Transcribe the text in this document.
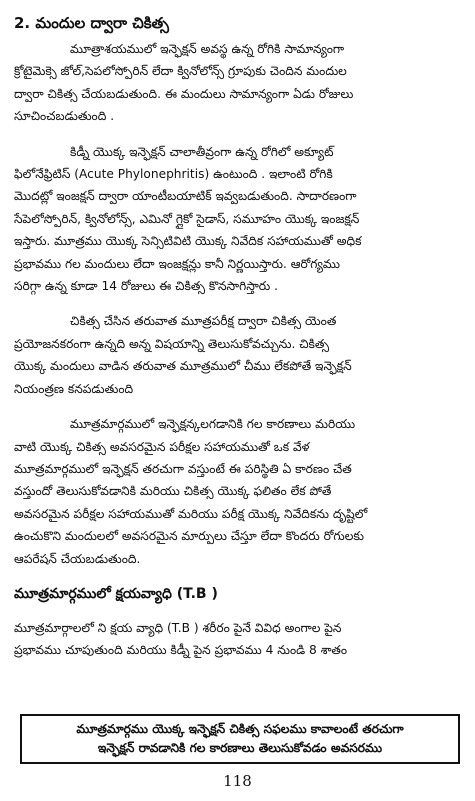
2. మందుల ద్వారా చికిత్స
మూత్రాశయములో ఇన్ఫెక్షన్ అవస్థ ఉన్న రోగికి సామాన్యంగా
క్రోటైమెక్సె జోల్,సెపలోస్పోరిన్ లేదా క్వినోలోన్స్ గ్రూపుకు చెందిన మందుల
ద్వారా చికిత్స చేయబడుతుంది. ఈ మందులు సామాన్యంగా ఏడు రోజులు
సూచించబడుతుంది .
కిడ్నీ యొక్క ఇన్ఫెక్షన్ చాలాతీవ్రంగా ఉన్న రోగిలో అక్యూట్
ఫిలోనేఫ్రిటిస్ (Acute Phylonephritis) ఉంటుంది . ఇలాంటి రోగికి
మొదట్లో ఇంజక్షన్ ద్వారా యాంటీబయాటిక్ ఇవ్వబడుతుంది. సాదారణంగా
సేపెలోస్పోరిన్, క్వినోలోన్స్, ఎమినో గ్లైకో సైడాస్, సమూహం యొక్క ఇంజక్షన్
ఇస్తారు. మూత్రము యొక్క సెన్సిటివిటి యొక్క నివేదిక సహాయముతో అధిక
ప్రభావము గల మందులు లేదా ఇంజక్షన్లు కానీ నిర్ణయిస్తారు. ఆరోగ్యము
సరిగ్గా ఉన్న కూడా 14 రోజులు ఈ చికిత్స కొనసాగిస్తారు .
చికిత్స చేసిన తరువాత మూత్రపరీక్ష ద్వారా చికిత్స యెంత
ప్రయోజనకరంగా ఉన్నది అన్న విషయాన్ని తెలుసుకోవచ్చును. చికిత్స
యొక్క మందులు వాడిన తరువాత మూత్రములో చీము లేకపోతే ఇన్ఫెక్షన్
నియంత్రణ కనపడుతుంది
మూత్రమార్గములో ఇన్ఫెక్షన్కలగడానికి గల కారణాలు మరియు
వాటి యొక్క చికిత్స అవసరమైన పరీక్షల సహాయముతో ఒక వేళ
మూత్రమార్గములో ఇన్ఫెక్షన్ తరచుగా వస్తుంటే ఈ పరిస్థితి ఏ కారణం చేత
వస్తుందో తెలుసుకోవడానికి మరియు చికిత్స యొక్క ఫలితం లేక పోతే
అవసరమైన పరీక్షల సహాయముతో మరియు పరీక్ష యొక్క నివేదికను దృష్టిలో
ఉంచుకొని మందులలో అవసరమైన మార్పులు చేస్తూ లేదా కొందరు రోగులకు
ఆపరేషన్ చేయబడుతుంది.
మూత్రమార్గములో క్షయవ్యాధి (T.B )
మూత్రమార్గాలలో ని క్షయ వ్యాధి (T.B ) శరీరం పైనే వివిధ అంగాల పైన
ప్రభావము చూపుతుంది మరియు కిడ్నీ పైన ప్రభావము 4 నుండి 8 శాతం
మూత్రమార్గము యొక్క ఇన్ఫెక్షన్ చికిత్స సఫలము కావాలంటే తరచుగా
ఇన్ఫెక్షన్ రావడానికి గల కారణాలు తెలుసుకోవడం అవసరము
118
